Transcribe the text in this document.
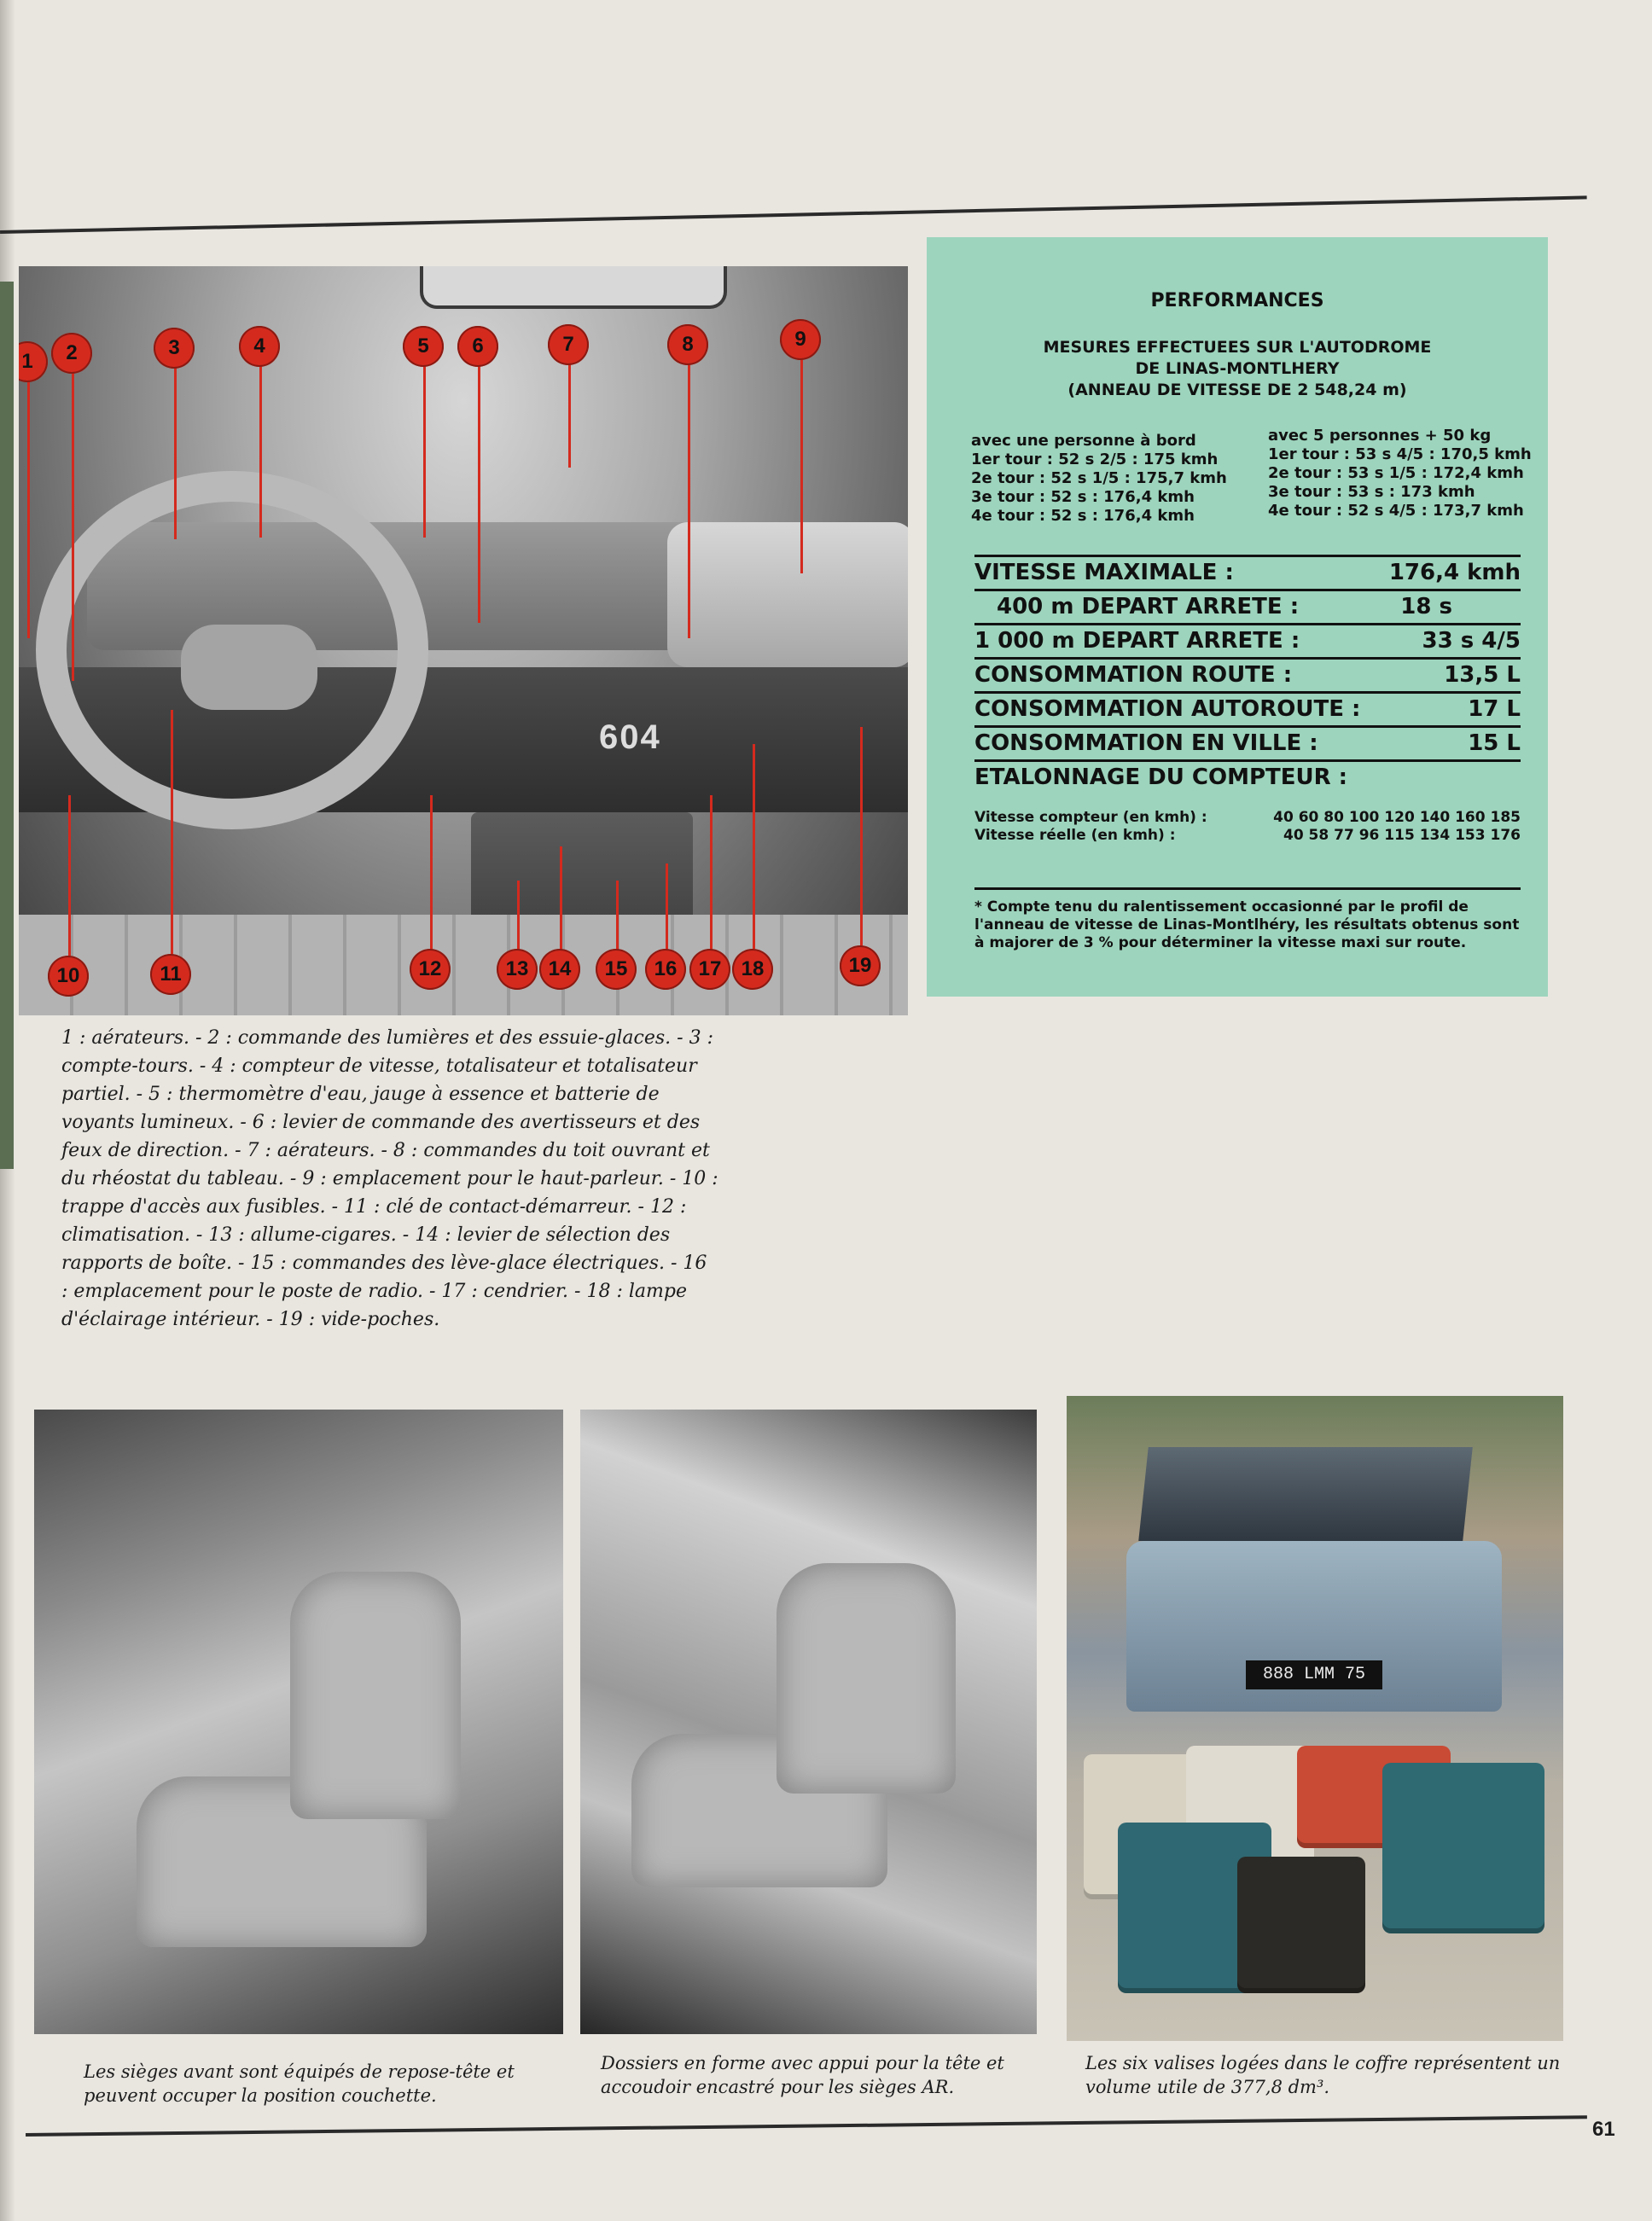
604
1	2	3	4	5	6	7	8	9
10	11	12	13 14	15	16	17 18	19
PERFORMANCES
MESURES EFFECTUEES SUR L'AUTODROME
DE LINAS-MONTLHERY
(ANNEAU DE VITESSE DE 2 548,24 m)
avec une personne à bord
1er tour : 52 s 2/5 : 175 kmh
2e tour : 52 s 1/5 : 175,7 kmh
3e tour : 52 s : 176,4 kmh
4e tour : 52 s : 176,4 kmh
avec 5 personnes + 50 kg
1er tour : 53 s 4/5 : 170,5 kmh
2e tour : 53 s 1/5 : 172,4 kmh
3e tour : 53 s : 173 kmh
4e tour : 52 s 4/5 : 173,7 kmh
VITESSE MAXIMALE :	176,4 kmh
400 m DEPART ARRETE :	18 s
1 000 m DEPART ARRETE :	33 s 4/5
CONSOMMATION ROUTE :	13,5 L
CONSOMMATION AUTOROUTE :	17 L
CONSOMMATION EN VILLE :	15 L
ETALONNAGE DU COMPTEUR :
Vitesse compteur (en kmh) :	40 60 80 100 120 140 160 185
Vitesse réelle (en kmh) :	40 58 77 96 115 134 153 176
* Compte tenu du ralentissement occasionné par le profil de l'anneau de vitesse de Linas-Montlhéry, les résultats obtenus sont à majorer de 3 % pour déterminer la vitesse maxi sur route.
1 : aérateurs. - 2 : commande des lumières et des essuie-glaces. - 3 : compte-tours. - 4 : compteur de vitesse, totalisateur et totalisateur partiel. - 5 : thermomètre d'eau, jauge à essence et batterie de voyants lumineux. - 6 : levier de commande des avertisseurs et des feux de direction. - 7 : aérateurs. - 8 : commandes du toit ouvrant et du rhéostat du tableau. - 9 : emplacement pour le haut-parleur. - 10 : trappe d'accès aux fusibles. - 11 : clé de contact-démarreur. - 12 : climatisation. - 13 : allume-cigares. - 14 : levier de sélection des rapports de boîte. - 15 : commandes des lève-glace électriques. - 16 : emplacement pour le poste de radio. - 17 : cendrier. - 18 : lampe d'éclairage intérieur. - 19 : vide-poches.
888 LMM 75
Les sièges avant sont équipés de repose-tête et peuvent occuper la position couchette.
Dossiers en forme avec appui pour la tête et accoudoir encastré pour les sièges AR.
Les six valises logées dans le coffre représentent un volume utile de 377,8 dm³.
61
